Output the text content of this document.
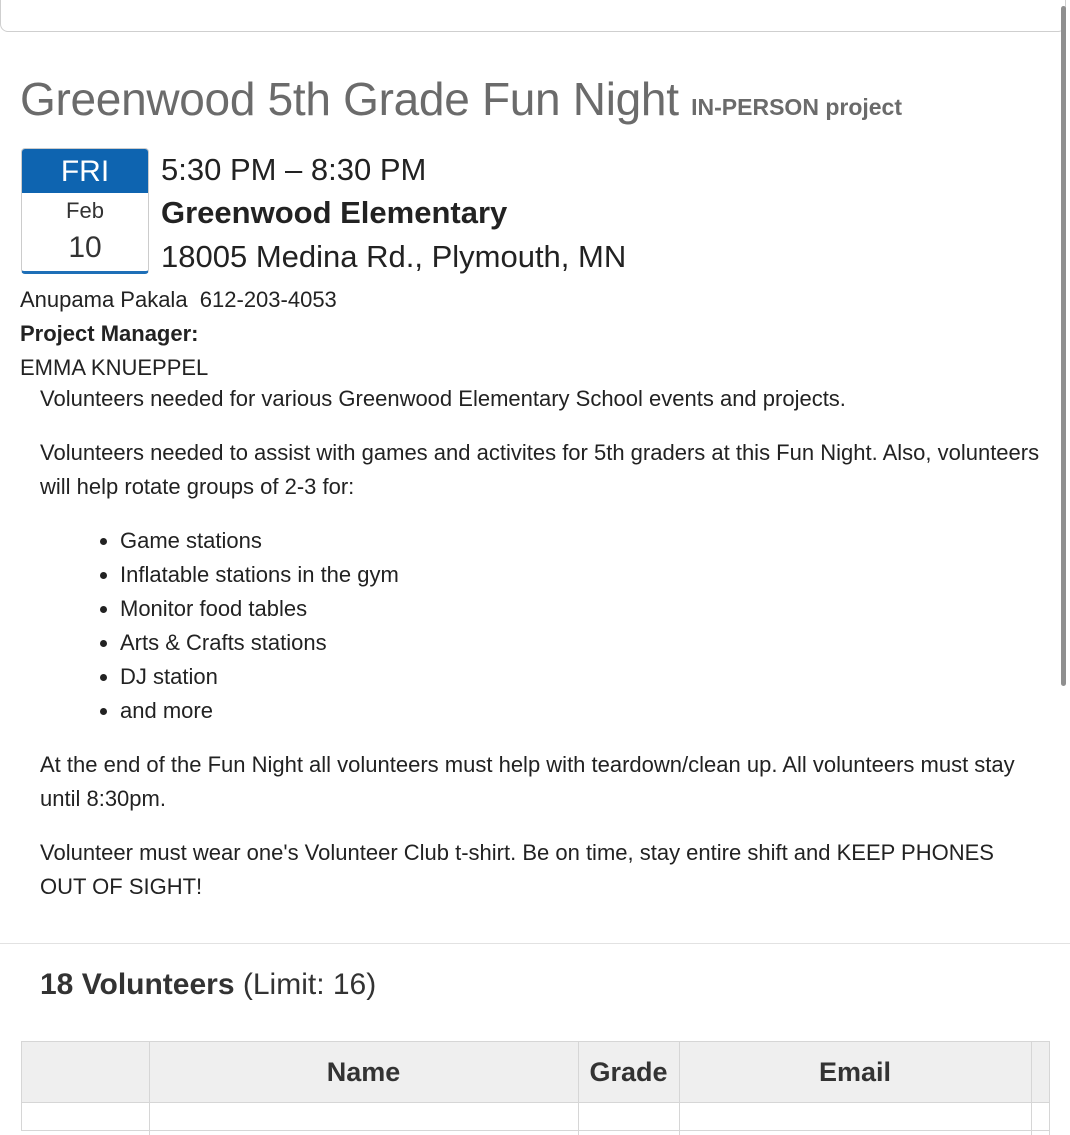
Greenwood 5th Grade Fun Night IN-PERSON project
FRI
Feb
10
5:30 PM – 8:30 PM
Greenwood Elementary
18005 Medina Rd., Plymouth, MN
Anupama Pakala  612-203-4053
Project Manager:
EMMA KNUEPPEL

Volunteers needed for various Greenwood Elementary School events and projects.

Volunteers needed to assist with games and activites for 5th graders at this Fun Night. Also, volunteers will help rotate groups of 2-3 for:

• Game stations
• Inflatable stations in the gym
• Monitor food tables
• Arts & Crafts stations
• DJ station
• and more

At the end of the Fun Night all volunteers must help with teardown/clean up. All volunteers must stay until 8:30pm.

Volunteer must wear one's Volunteer Club t-shirt. Be on time, stay entire shift and KEEP PHONES OUT OF SIGHT!

18 Volunteers (Limit: 16)
	Name	Grade	Email	
